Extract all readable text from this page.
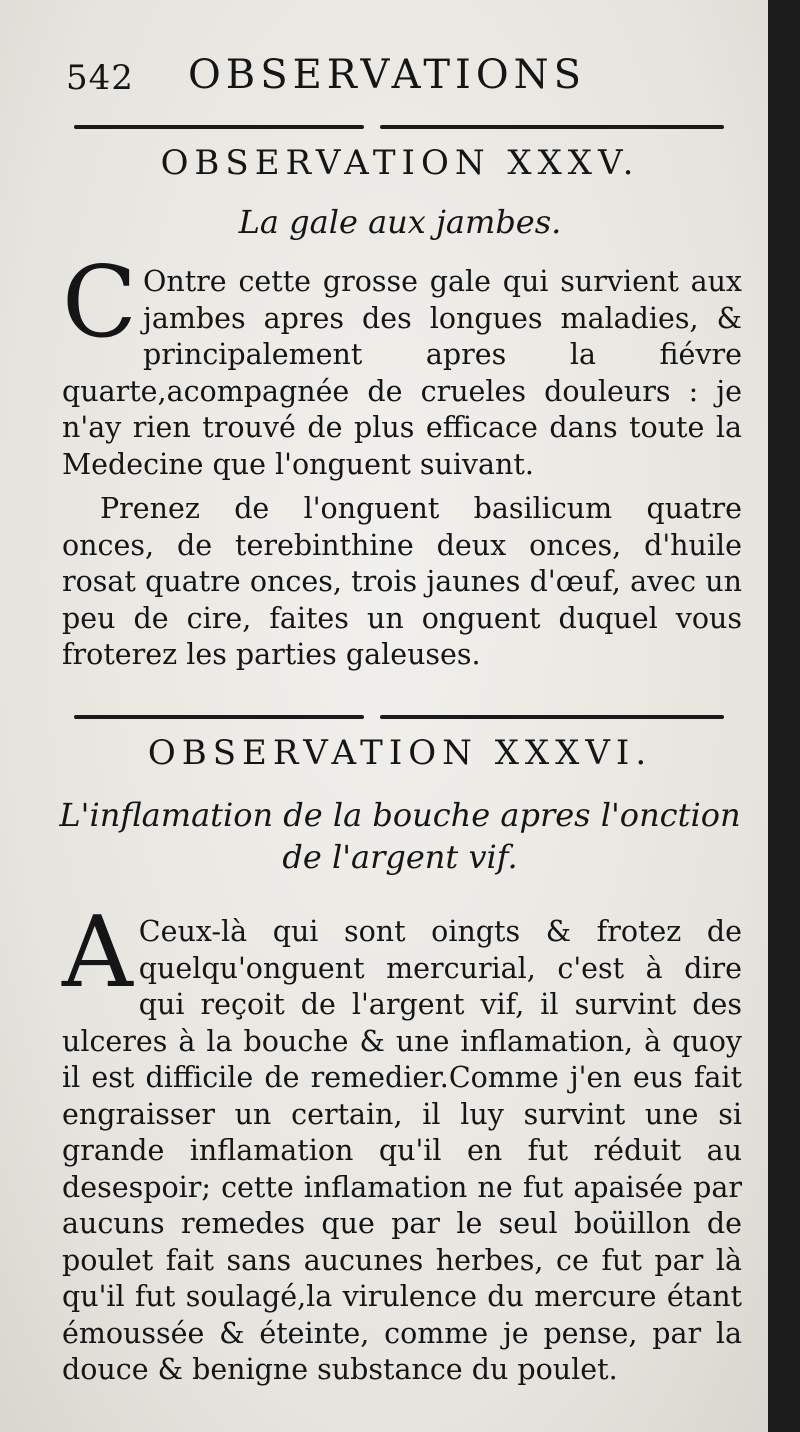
542 OBSERVATIONS
OBSERVATION XXXV.
La gale aux jambes.

C Ontre cette grosse gale qui survient aux jambes apres des longues maladies, & principalement apres la fiévre quarte,acompagnée de crueles douleurs : je n'ay rien trouvé de plus efficace dans toute la Medecine que l'onguent suivant.

Prenez de l'onguent basilicum quatre onces, de terebinthine deux onces, d'huile rosat quatre onces, trois jaunes d'œuf, avec un peu de cire, faites un onguent duquel vous froterez les parties galeuses.

OBSERVATION XXXVI.
L'inflamation de la bouche apres l'onction
de l'argent vif.

A Ceux-là qui sont oingts & frotez de quelqu'onguent mercurial, c'est à dire qui reçoit de l'argent vif, il survint des ulceres à la bouche & une inflamation, à quoy il est difficile de remedier.Comme j'en eus fait engraisser un certain, il luy survint une si grande inflamation qu'il en fut réduit au desespoir; cette inflamation ne fut apaisée par aucuns remedes que par le seul boüillon de poulet fait sans aucunes herbes, ce fut par là qu'il fut soulagé,la virulence du mercure étant émoussée & éteinte, comme je pense, par la douce & benigne substance du poulet.
